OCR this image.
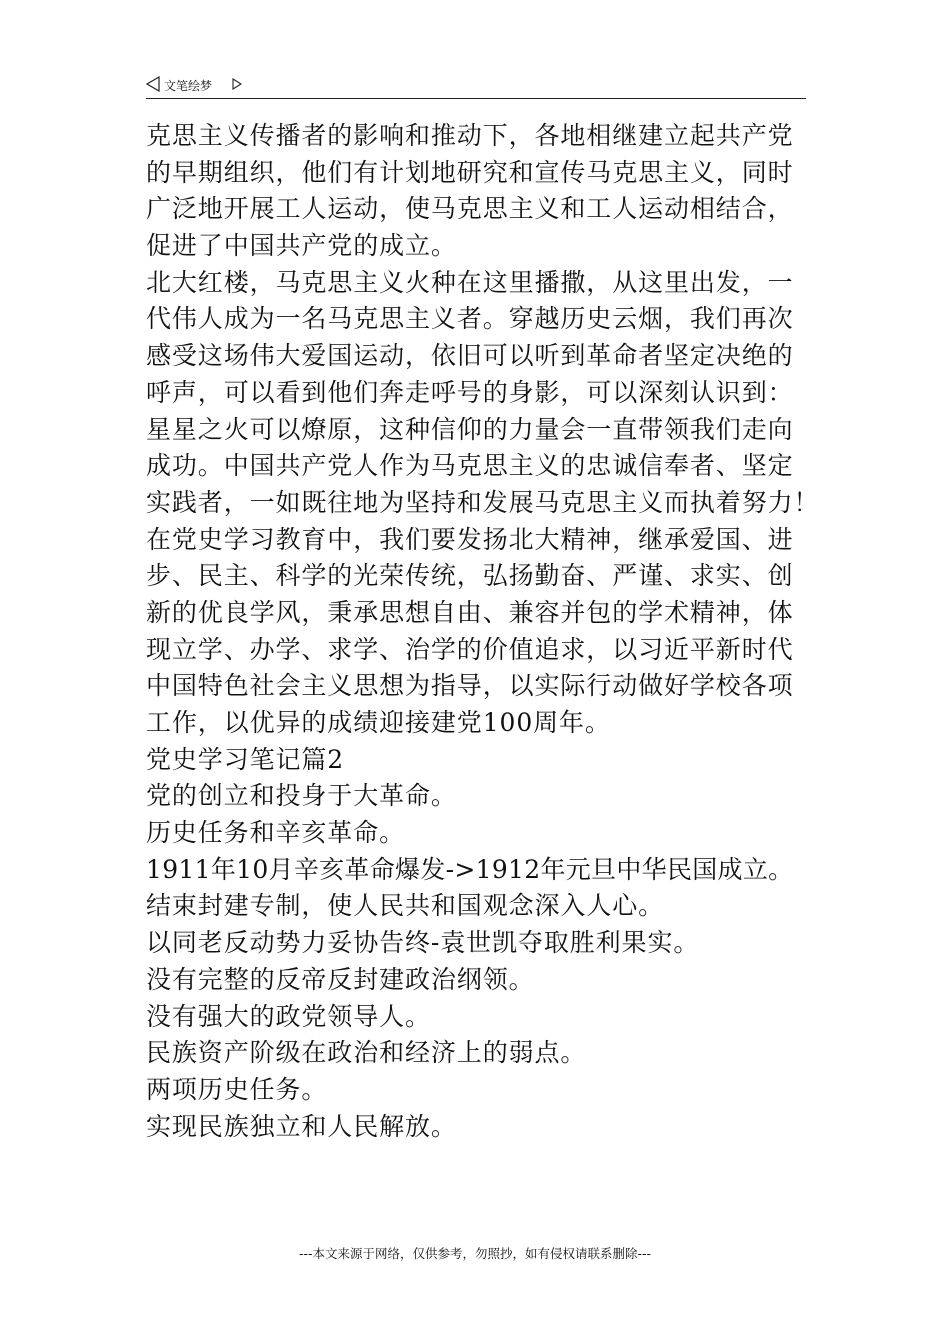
文笔绘梦
克思主义传播者的影响和推动下，各地相继建立起共产党
的早期组织，他们有计划地研究和宣传马克思主义，同时
广泛地开展工人运动，使马克思主义和工人运动相结合，
促进了中国共产党的成立。
北大红楼，马克思主义火种在这里播撒，从这里出发，一
代伟人成为一名马克思主义者。穿越历史云烟，我们再次
感受这场伟大爱国运动，依旧可以听到革命者坚定决绝的
呼声，可以看到他们奔走呼号的身影，可以深刻认识到：
星星之火可以燎原，这种信仰的力量会一直带领我们走向
成功。中国共产党人作为马克思主义的忠诚信奉者、坚定
实践者，一如既往地为坚持和发展马克思主义而执着努力！
在党史学习教育中，我们要发扬北大精神，继承爱国、进
步、民主、科学的光荣传统，弘扬勤奋、严谨、求实、创
新的优良学风，秉承思想自由、兼容并包的学术精神，体
现立学、办学、求学、治学的价值追求，以习近平新时代
中国特色社会主义思想为指导，以实际行动做好学校各项
工作，以优异的成绩迎接建党100周年。
党史学习笔记篇2
党的创立和投身于大革命。
历史任务和辛亥革命。
1911年10月辛亥革命爆发->1912年元旦中华民国成立。
结束封建专制，使人民共和国观念深入人心。
以同老反动势力妥协告终-袁世凯夺取胜利果实。
没有完整的反帝反封建政治纲领。
没有强大的政党领导人。
民族资产阶级在政治和经济上的弱点。
两项历史任务。
实现民族独立和人民解放。
---本文来源于网络，仅供参考，勿照抄，如有侵权请联系删除---
